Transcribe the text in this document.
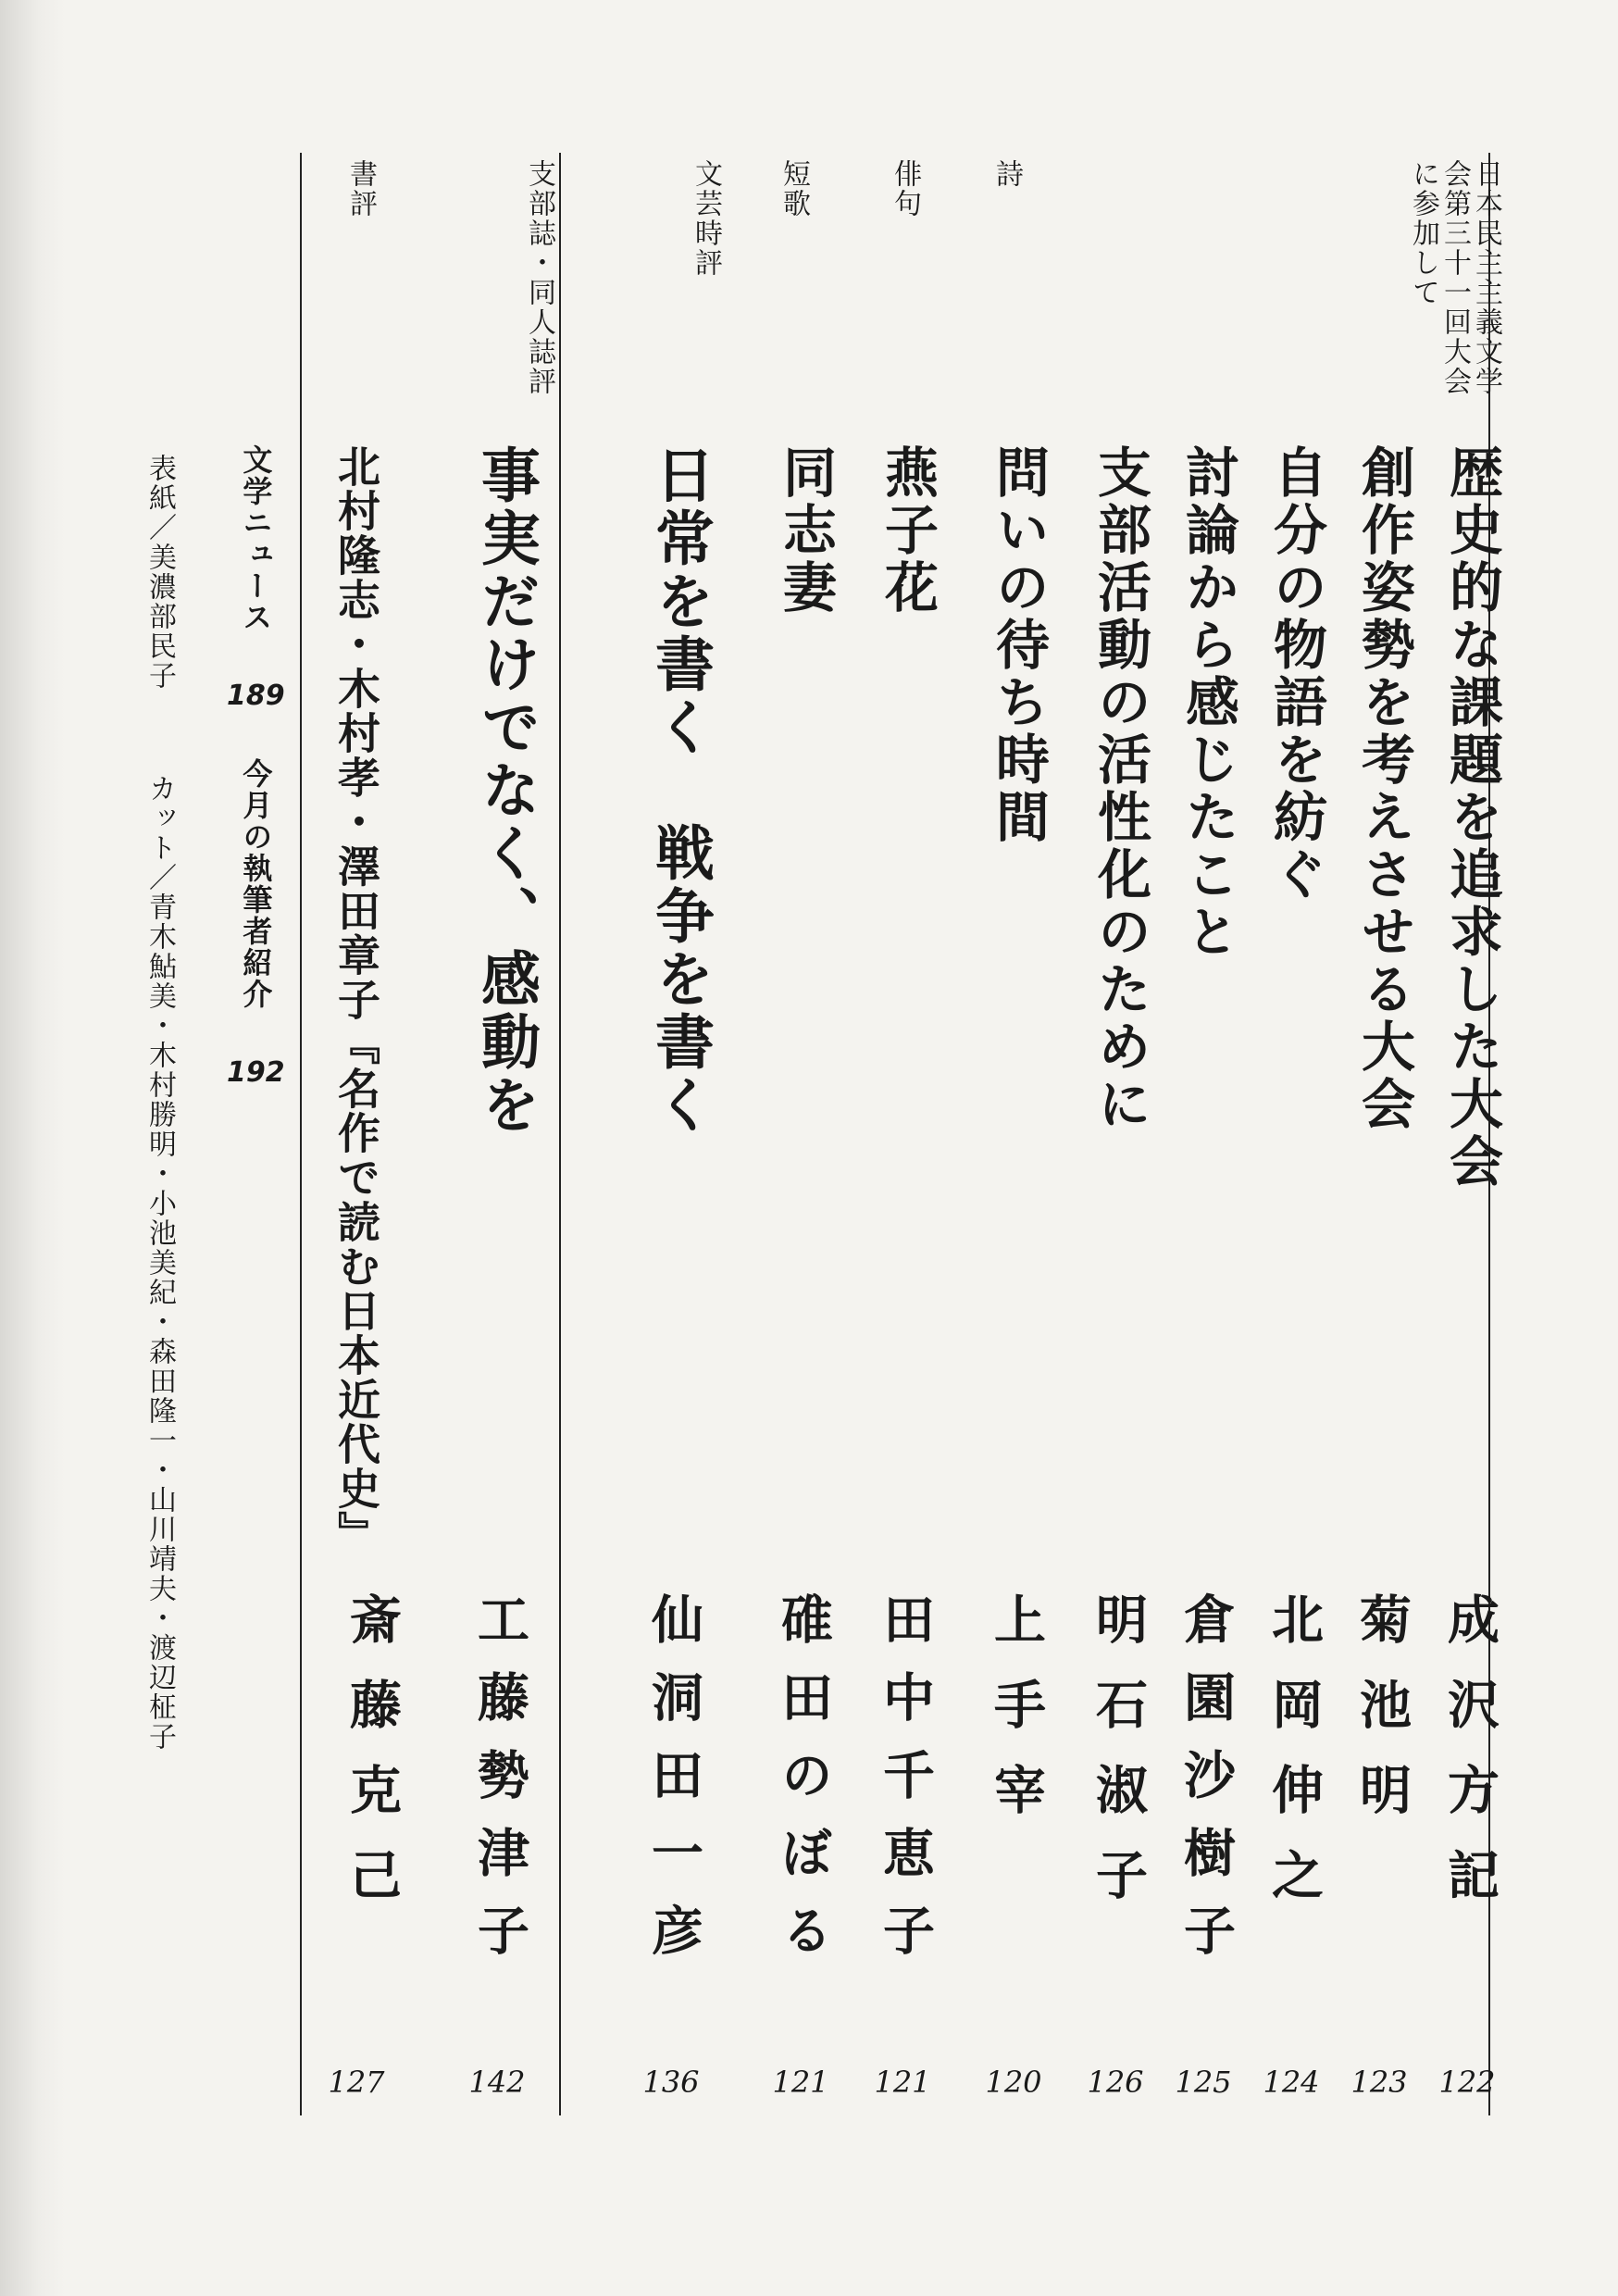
日本民主主義文学
会第三十一回大会
に参加して
詩
俳句
短歌
文芸時評
支部誌・同人誌評
書評
歴史的な課題を追求した大会
創作姿勢を考えさせる大会
自分の物語を紡ぐ
討論から感じたこと
支部活動の活性化のために
問いの待ち時間
燕子花
同志妻
日常を書く　戦争を書く
事実だけでなく、感動を
北村隆志・木村孝・澤田章子『名作で読む日本近代史』
成沢方記
菊池明
北岡伸之
倉園沙樹子
明石淑子
上手宰
田中千恵子
碓田のぼる
仙洞田一彦
工藤勢津子
斎藤克己
122
123
124
125
126
120
121
121
136
142
127
文学ニュース 189 今月の執筆者紹介 192
表紙／美濃部民子カット／青木鮎美・木村勝明・小池美紀・森田隆一・山川靖夫・渡辺柾子
